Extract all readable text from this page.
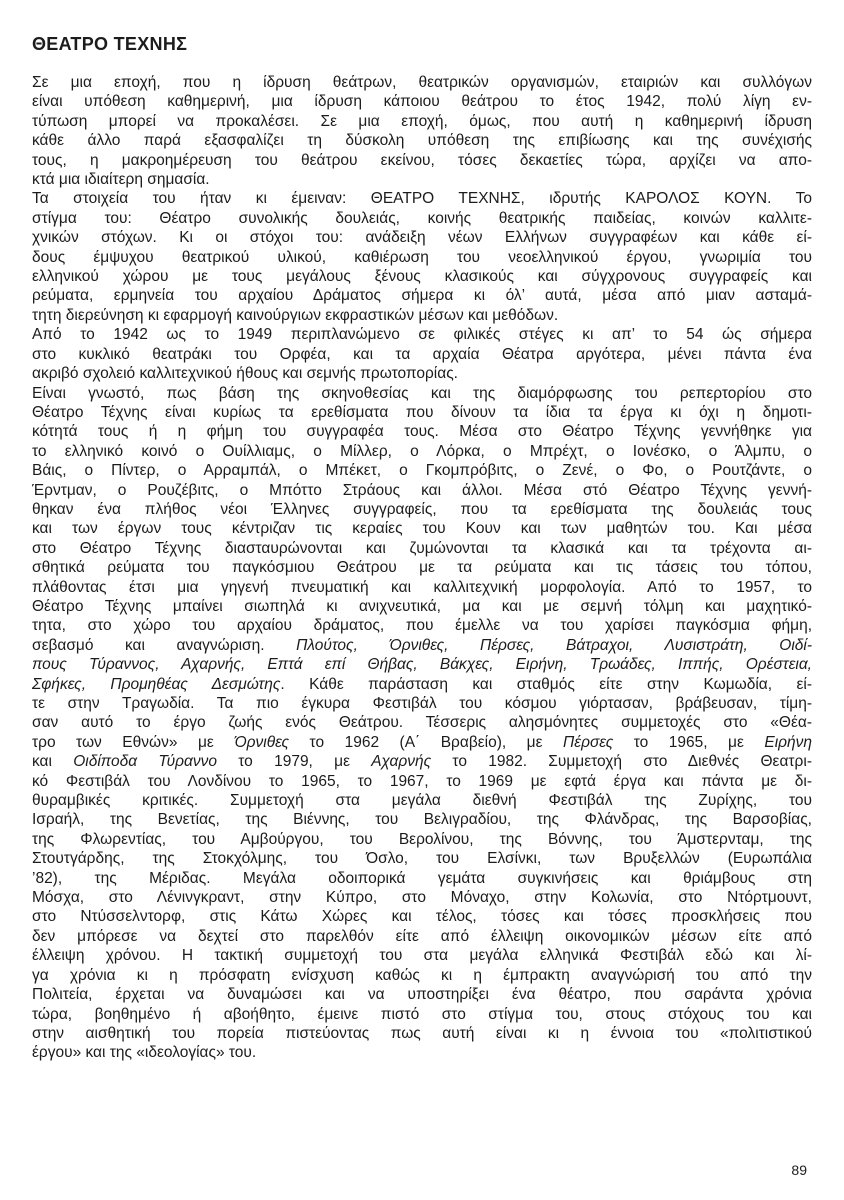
ΘΕΑΤΡΟ ΤΕΧΝΗΣ
Σε μια εποχή, που η ίδρυση θεάτρων, θεατρικών οργανισμών, εταιριών και συλλόγων
είναι υπόθεση καθημερινή, μια ίδρυση κάποιου θεάτρου το έτος 1942, πολύ λίγη εν-
τύπωση μπορεί να προκαλέσει. Σε μια εποχή, όμως, που αυτή η καθημερινή ίδρυση
κάθε άλλο παρά εξασφαλίζει τη δύσκολη υπόθεση της επιβίωσης και της συνέχισής
τους, η μακροημέρευση του θεάτρου εκείνου, τόσες δεκαετίες τώρα, αρχίζει να απο-
κτά μια ιδιαίτερη σημασία.
Τα στοιχεία του ήταν κι έμειναν: ΘΕΑΤΡΟ ΤΕΧΝΗΣ, ιδρυτής ΚΑΡΟΛΟΣ ΚΟΥΝ. Το
στίγμα του: Θέατρο συνολικής δουλειάς, κοινής θεατρικής παιδείας, κοινών καλλιτε-
χνικών στόχων. Κι οι στόχοι του: ανάδειξη νέων Ελλήνων συγγραφέων και κάθε εί-
δους έμψυχου θεατρικού υλικού, καθιέρωση του νεοελληνικού έργου, γνωριμία του
ελληνικού χώρου με τους μεγάλους ξένους κλασικούς και σύγχρονους συγγραφείς και
ρεύματα, ερμηνεία του αρχαίου Δράματος σήμερα κι όλ’ αυτά, μέσα από μιαν ασταμά-
τητη διερεύνηση κι εφαρμογή καινούργιων εκφραστικών μέσων και μεθόδων.
Από το 1942 ως το 1949 περιπλανώμενο σε φιλικές στέγες κι απ’ το 54 ώς σήμερα
στο κυκλικό θεατράκι του Ορφέα, και τα αρχαία Θέατρα αργότερα, μένει πάντα ένα
ακριβό σχολειό καλλιτεχνικού ήθους και σεμνής πρωτοπορίας.
Είναι γνωστό, πως βάση της σκηνοθεσίας και της διαμόρφωσης του ρεπερτορίου στο
Θέατρο Τέχνης είναι κυρίως τα ερεθίσματα που δίνουν τα ίδια τα έργα κι όχι η δημοτι-
κότητά τους ή η φήμη του συγγραφέα τους. Μέσα στο Θέατρο Τέχνης γεννήθηκε για
το ελληνικό κοινό ο Ουίλλιαμς, ο Μίλλερ, ο Λόρκα, ο Μπρέχτ, ο Ιονέσκο, ο Άλμπυ, ο
Βάις, ο Πίντερ, ο Αρραμπάλ, ο Μπέκετ, ο Γκομπρόβιτς, ο Ζενέ, ο Φο, ο Ρουτζάντε, ο
Έρντμαν, ο Ρουζέβιτς, ο Μπόττο Στράους και άλλοι. Μέσα στό Θέατρο Τέχνης γεννή-
θηκαν ένα πλήθος νέοι Έλληνες συγγραφείς, που τα ερεθίσματα της δουλειάς τους
και των έργων τους κέντριζαν τις κεραίες του Κουν και των μαθητών του. Και μέσα
στο Θέατρο Τέχνης διασταυρώνονται και ζυμώνονται τα κλασικά και τα τρέχοντα αι-
σθητικά ρεύματα του παγκόσμιου Θεάτρου με τα ρεύματα και τις τάσεις του τόπου,
πλάθοντας έτσι μια γηγενή πνευματική και καλλιτεχνική μορφολογία. Από το 1957, το
Θέατρο Τέχνης μπαίνει σιωπηλά κι ανιχνευτικά, μα και με σεμνή τόλμη και μαχητικό-
τητα, στο χώρο του αρχαίου δράματος, που έμελλε να του χαρίσει παγκόσμια φήμη,
σεβασμό και αναγνώριση. Πλούτος, Όρνιθες, Πέρσες, Βάτραχοι, Λυσιστράτη, Οιδί-
πους Τύραννος, Αχαρνής, Επτά επί Θήβας, Βάκχες, Ειρήνη, Τρωάδες, Ιππής, Ορέστεια,
Σφήκες, Προμηθέας Δεσμώτης. Κάθε παράσταση και σταθμός είτε στην Κωμωδία, εί-
τε στην Τραγωδία. Τα πιο έγκυρα Φεστιβάλ του κόσμου γιόρτασαν, βράβευσαν, τίμη-
σαν αυτό το έργο ζωής ενός Θεάτρου. Τέσσερις αλησμόνητες συμμετοχές στο «Θέα-
τρο των Εθνών» με Όρνιθες το 1962 (Α΄ Βραβείο), με Πέρσες το 1965, με Ειρήνη
και Οιδίποδα Τύραννο το 1979, με Αχαρνής το 1982. Συμμετοχή στο Διεθνές Θεατρι-
κό Φεστιβάλ του Λονδίνου το 1965, το 1967, το 1969 με εφτά έργα και πάντα με δι-
θυραμβικές κριτικές. Συμμετοχή στα μεγάλα διεθνή Φεστιβάλ της Ζυρίχης, του
Ισραήλ, της Βενετίας, της Βιέννης, του Βελιγραδίου, της Φλάνδρας, της Βαρσοβίας,
της Φλωρεντίας, του Αμβούργου, του Βερολίνου, της Βόννης, του Άμστερνταμ, της
Στουτγάρδης, της Στοκχόλμης, του Όσλο, του Ελσίνκι, των Βρυξελλών (Ευρωπάλια
’82), της Μέριδας. Μεγάλα οδοιπορικά γεμάτα συγκινήσεις και θριάμβους στη
Μόσχα, στο Λένινγκραντ, στην Κύπρο, στο Μόναχο, στην Κολωνία, στο Ντόρτμουντ,
στο Ντύσσελντορφ, στις Κάτω Χώρες και τέλος, τόσες και τόσες προσκλήσεις που
δεν μπόρεσε να δεχτεί στο παρελθόν είτε από έλλειψη οικονομικών μέσων είτε από
έλλειψη χρόνου. Η τακτική συμμετοχή του στα μεγάλα ελληνικά Φεστιβάλ εδώ και λί-
γα χρόνια κι η πρόσφατη ενίσχυση καθώς κι η έμπρακτη αναγνώρισή του από την
Πολιτεία, έρχεται να δυναμώσει και να υποστηρίξει ένα θέατρο, που σαράντα χρόνια
τώρα, βοηθημένο ή αβοήθητο, έμεινε πιστό στο στίγμα του, στους στόχους του και
στην αισθητική του πορεία πιστεύοντας πως αυτή είναι κι η έννοια του «πολιτιστικού
έργου» και της «ιδεολογίας» του.
89
